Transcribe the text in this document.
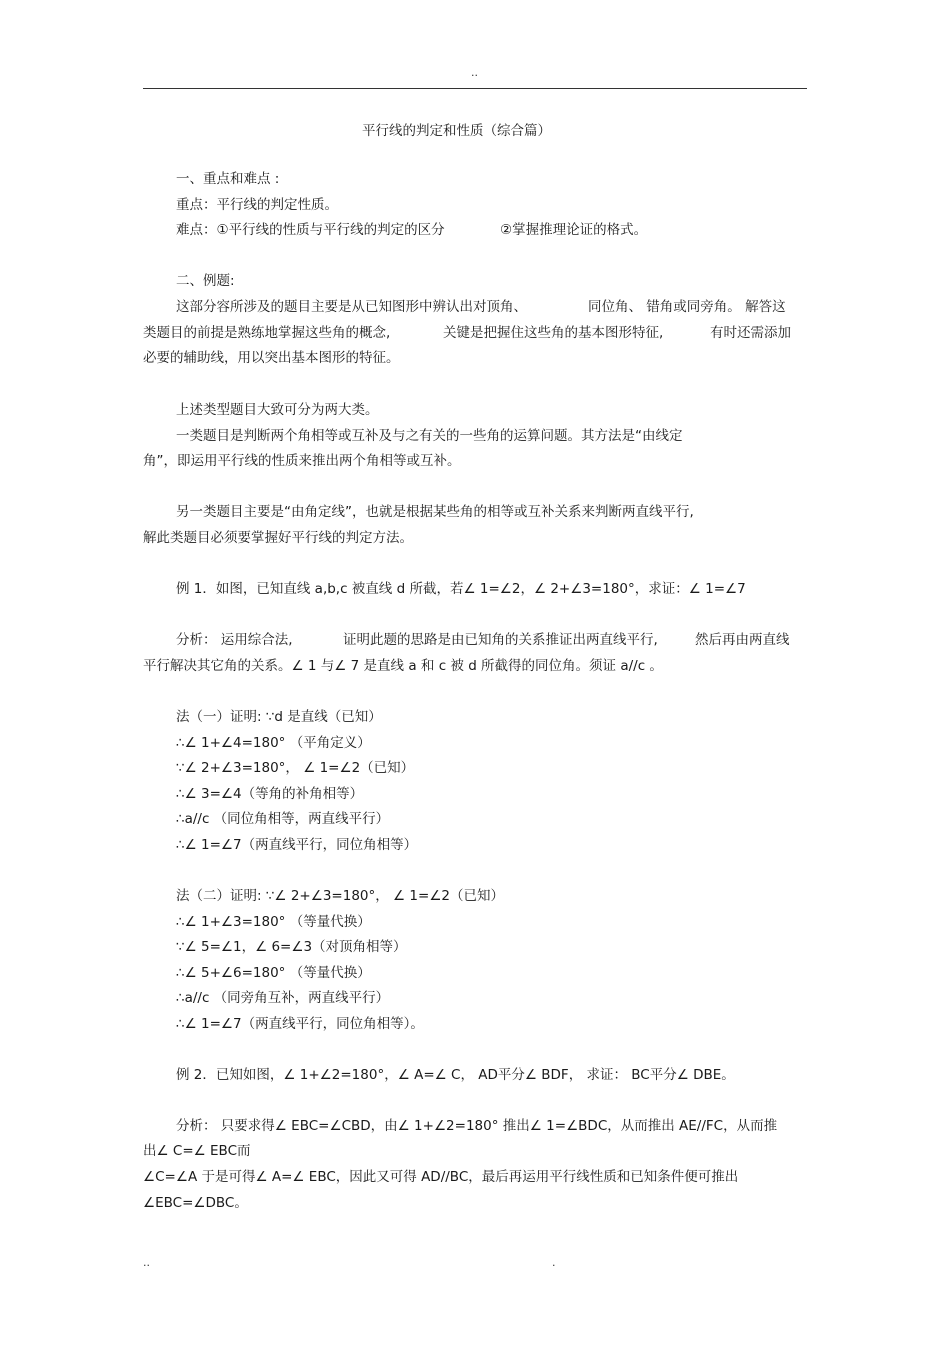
..
平行线的判定和性质（综合篇）
一、重点和难点 :
重点：平行线的判定性质。
难点：①平行线的性质与平行线的判定的区分	②掌握推理论证的格式。
二、例题:
这部分容所涉及的题目主要是从已知图形中辨认出对顶角、	同位角、 错角或同旁角。 解答这
类题目的前提是熟练地掌握这些角的概念,	关键是把握住这些角的基本图形特征,	有时还需添加
必要的辅助线，用以突出基本图形的特征。
上述类型题目大致可分为两大类。
一类题目是判断两个角相等或互补及与之有关的一些角的运算问题。其方法是“由线定
角”，即运用平行线的性质来推出两个角相等或互补。
另一类题目主要是“由角定线”，也就是根据某些角的相等或互补关系来判断两直线平行,
解此类题目必须要掌握好平行线的判定方法。
例 1．如图，已知直线 a,b,c 被直线 d 所截，若∠ 1=∠2，∠ 2+∠3=180°，求证：∠ 1=∠7
分析： 运用综合法,	证明此题的思路是由已知角的关系推证出两直线平行,	然后再由两直线
平行解决其它角的关系。∠ 1 与∠ 7 是直线 a 和 c 被 d 所截得的同位角。须证 a//c 。
法（一）证明: ∵d 是直线（已知）
∴∠ 1+∠4=180° （平角定义）
∵∠ 2+∠3=180°， ∠ 1=∠2（已知）
∴∠ 3=∠4（等角的补角相等）
∴a//c （同位角相等，两直线平行）
∴∠ 1=∠7（两直线平行，同位角相等）
法（二）证明: ∵∠ 2+∠3=180°， ∠ 1=∠2（已知）
∴∠ 1+∠3=180° （等量代换）
∵∠ 5=∠1，∠ 6=∠3（对顶角相等）
∴∠ 5+∠6=180° （等量代换）
∴a//c （同旁角互补，两直线平行）
∴∠ 1=∠7（两直线平行，同位角相等）。
例 2．已知如图，∠ 1+∠2=180°，∠ A=∠ C， AD平分∠ BDF， 求证： BC平分∠ DBE。
分析： 只要求得∠ EBC=∠CBD，由∠ 1+∠2=180° 推出∠ 1=∠BDC，从而推出 AE//FC，从而推
出∠ C=∠ EBC而
∠C=∠A 于是可得∠ A=∠ EBC，因此又可得 AD//BC，最后再运用平行线性质和已知条件便可推出
∠EBC=∠DBC。
..	.
